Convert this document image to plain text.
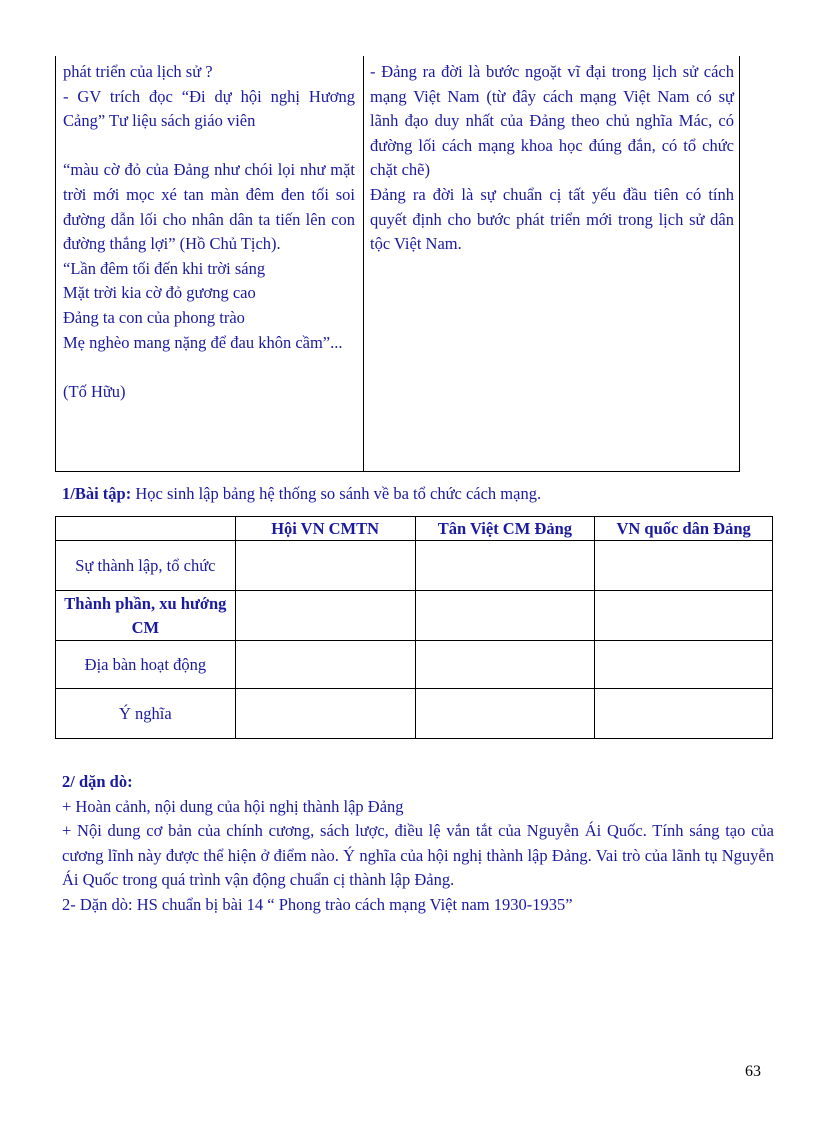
phát triển của lịch sử ?
- GV trích đọc “Đi dự hội nghị Hương Cảng” Tư liệu sách giáo viên
“màu cờ đỏ của Đảng như chói lọi như mặt trời mới mọc xé tan màn đêm đen tối soi đường dẫn lối cho nhân dân ta tiến lên con đường thắng lợi” (Hồ Chủ Tịch).
“Lần đêm tối đến khi trời sáng
Mặt trời kia cờ đỏ gương cao
Đảng ta con của phong trào
Mẹ nghèo mang nặng để đau khôn cầm”...
(Tố Hữu)
- Đảng ra đời là bước ngoặt vĩ đại trong lịch sử cách mạng Việt Nam (từ đây cách mạng Việt Nam có sự lãnh đạo duy nhất của Đảng theo chủ nghĩa Mác, có đường lối cách mạng khoa học đúng đắn, có tổ chức chặt chẽ)
Đảng ra đời là sự chuẩn cị tất yếu đầu tiên có tính quyết định cho bước phát triển mới trong lịch sử dân tộc Việt Nam.
1/Bài tập: Học sinh lập bảng hệ thống so sánh về ba tổ chức cách mạng.
	Hội VN CMTN	Tân Việt CM Đảng	VN quốc dân Đảng
Sự thành lập, tổ chức			
Thành phần, xu hướng CM			
Địa bàn hoạt động			
Ý nghĩa			
2/ dặn dò:
+ Hoàn cảnh, nội dung của hội nghị thành lập Đảng
+ Nội dung cơ bản của chính cương, sách lược, điều lệ vắn tắt của Nguyễn Ái Quốc. Tính sáng tạo của cương lĩnh này được thể hiện ở điểm nào. Ý nghĩa của hội nghị thành lập Đảng. Vai trò của lãnh tụ Nguyễn Ái Quốc trong quá trình vận động chuẩn cị thành lập Đảng.
2- Dặn dò: HS chuẩn bị bài 14 “ Phong trào cách mạng Việt nam 1930-1935”
63
